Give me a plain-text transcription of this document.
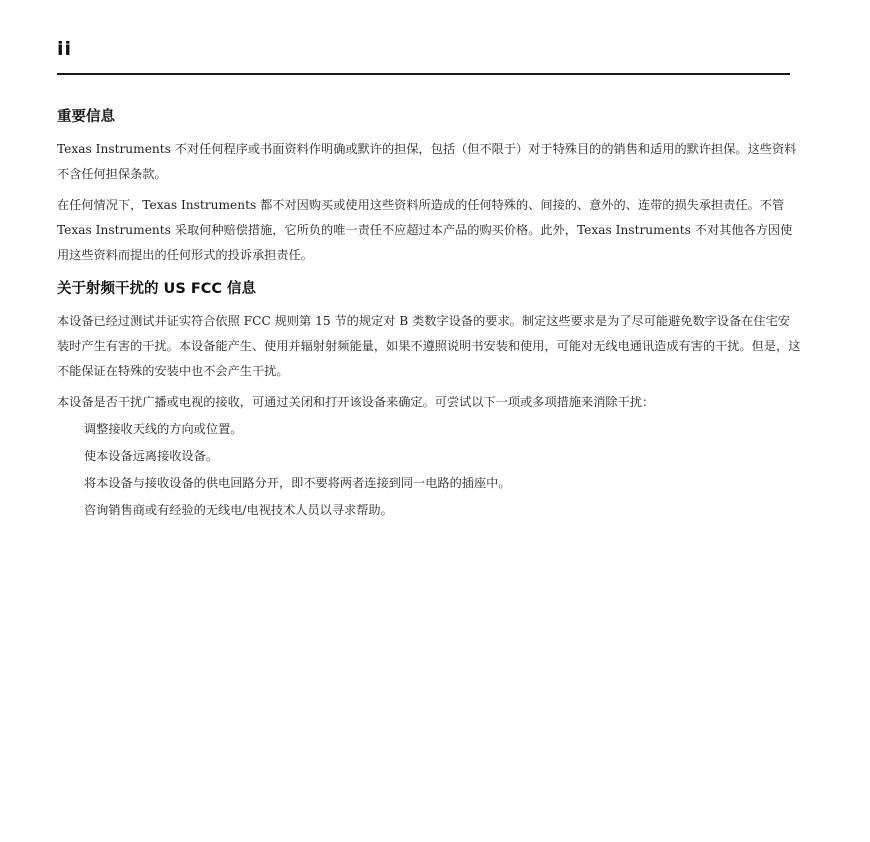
ii
重要信息

Texas Instruments 不对任何程序或书面资料作明确或默许的担保，包括（但不限于）对于特殊目的的销售和适用的默许担保。这些资料不含任何担保条款。

在任何情况下，Texas Instruments 都不对因购买或使用这些资料所造成的任何特殊的、间接的、意外的、连带的损失承担责任。不管 Texas Instruments 采取何种赔偿措施，它所负的唯一责任不应超过本产品的购买价格。此外，Texas Instruments 不对其他各方因使用这些资料而提出的任何形式的投诉承担责任。

关于射频干扰的 US FCC 信息

本设备已经过测试并证实符合依照 FCC 规则第 15 节的规定对 B 类数字设备的要求。制定这些要求是为了尽可能避免数字设备在住宅安装时产生有害的干扰。本设备能产生、使用并辐射射频能量，如果不遵照说明书安装和使用，可能对无线电通讯造成有害的干扰。但是，这不能保证在特殊的安装中也不会产生干扰。

本设备是否干扰广播或电视的接收，可通过关闭和打开该设备来确定。可尝试以下一项或多项措施来消除干扰：

调整接收天线的方向或位置。
使本设备远离接收设备。
将本设备与接收设备的供电回路分开，即不要将两者连接到同一电路的插座中。
咨询销售商或有经验的无线电/电视技术人员以寻求帮助。
